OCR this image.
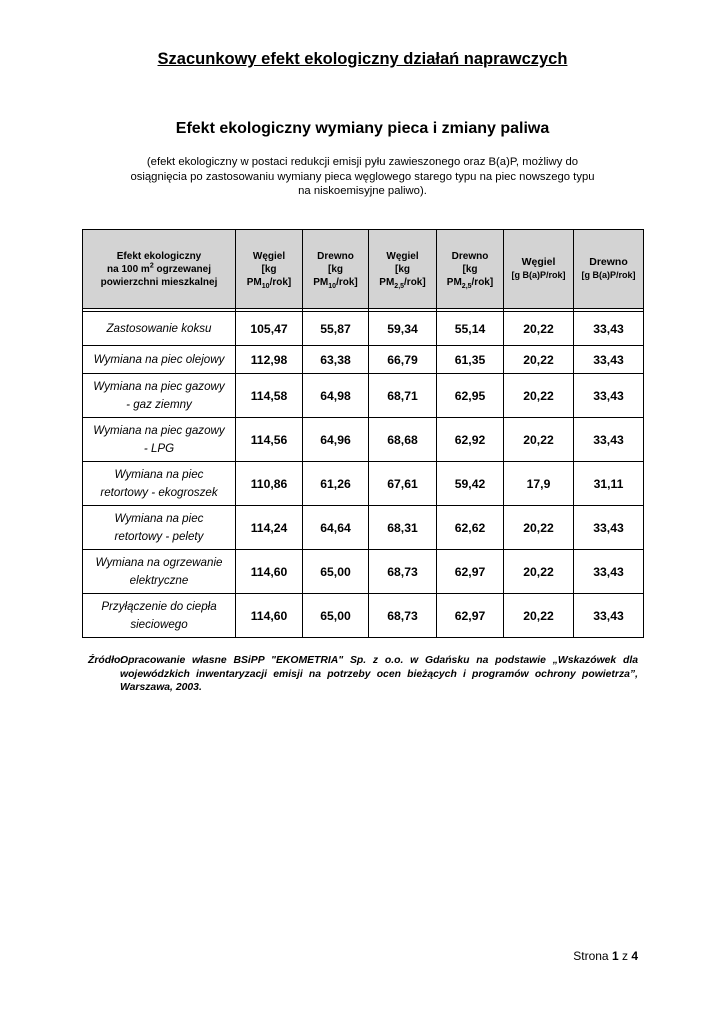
Szacunkowy efekt ekologiczny działań naprawczych
Efekt ekologiczny wymiany pieca i zmiany paliwa
(efekt ekologiczny w postaci redukcji emisji pyłu zawieszonego oraz B(a)P, możliwy do
osiągnięcia po zastosowaniu wymiany pieca węglowego starego typu na piec nowszego typu
na niskoemisyjne paliwo).
Efekt ekologiczny
na 100 $m^2$ ogrzewanej
powierzchni mieszkalnej	Węgiel
[kg
$PM_{10}/rok$]	Drewno
[kg
$PM_{10}/rok$]	Węgiel
[kg
$PM_{2,5}/rok$]	Drewno
[kg
$PM_{2,5}/rok$]	Węgiel
[g B(a)P/rok]	Drewno
[g B(a)P/rok]

Zastosowanie koksu	105,47	55,87	59,34	55,14	20,22	33,43

Wymiana na piec olejowy	112,98	63,38	66,79	61,35	20,22	33,43

Wymiana na piec gazowy
- gaz ziemny	114,58	64,98	68,71	62,95	20,22	33,43

Wymiana na piec gazowy
- LPG	114,56	64,96	68,68	62,92	20,22	33,43

Wymiana na piec
retortowy - ekogroszek	110,86	61,26	67,61	59,42	17,9	31,11

Wymiana na piec
retortowy - pelety	114,24	64,64	68,31	62,62	20,22	33,43

Wymiana na ogrzewanie
elektryczne	114,60	65,00	68,73	62,97	20,22	33,43

Przyłączenie do ciepła
sieciowego	114,60	65,00	68,73	62,97	20,22	33,43
Źródło:
Opracowanie własne BSiPP "EKOMETRIA" Sp. z o.o. w Gdańsku na podstawie „Wskazówek dla wojewódzkich inwentaryzacji emisji na potrzeby ocen bieżących i programów ochrony powietrza”, Warszawa, 2003.
Strona 1 z 4
